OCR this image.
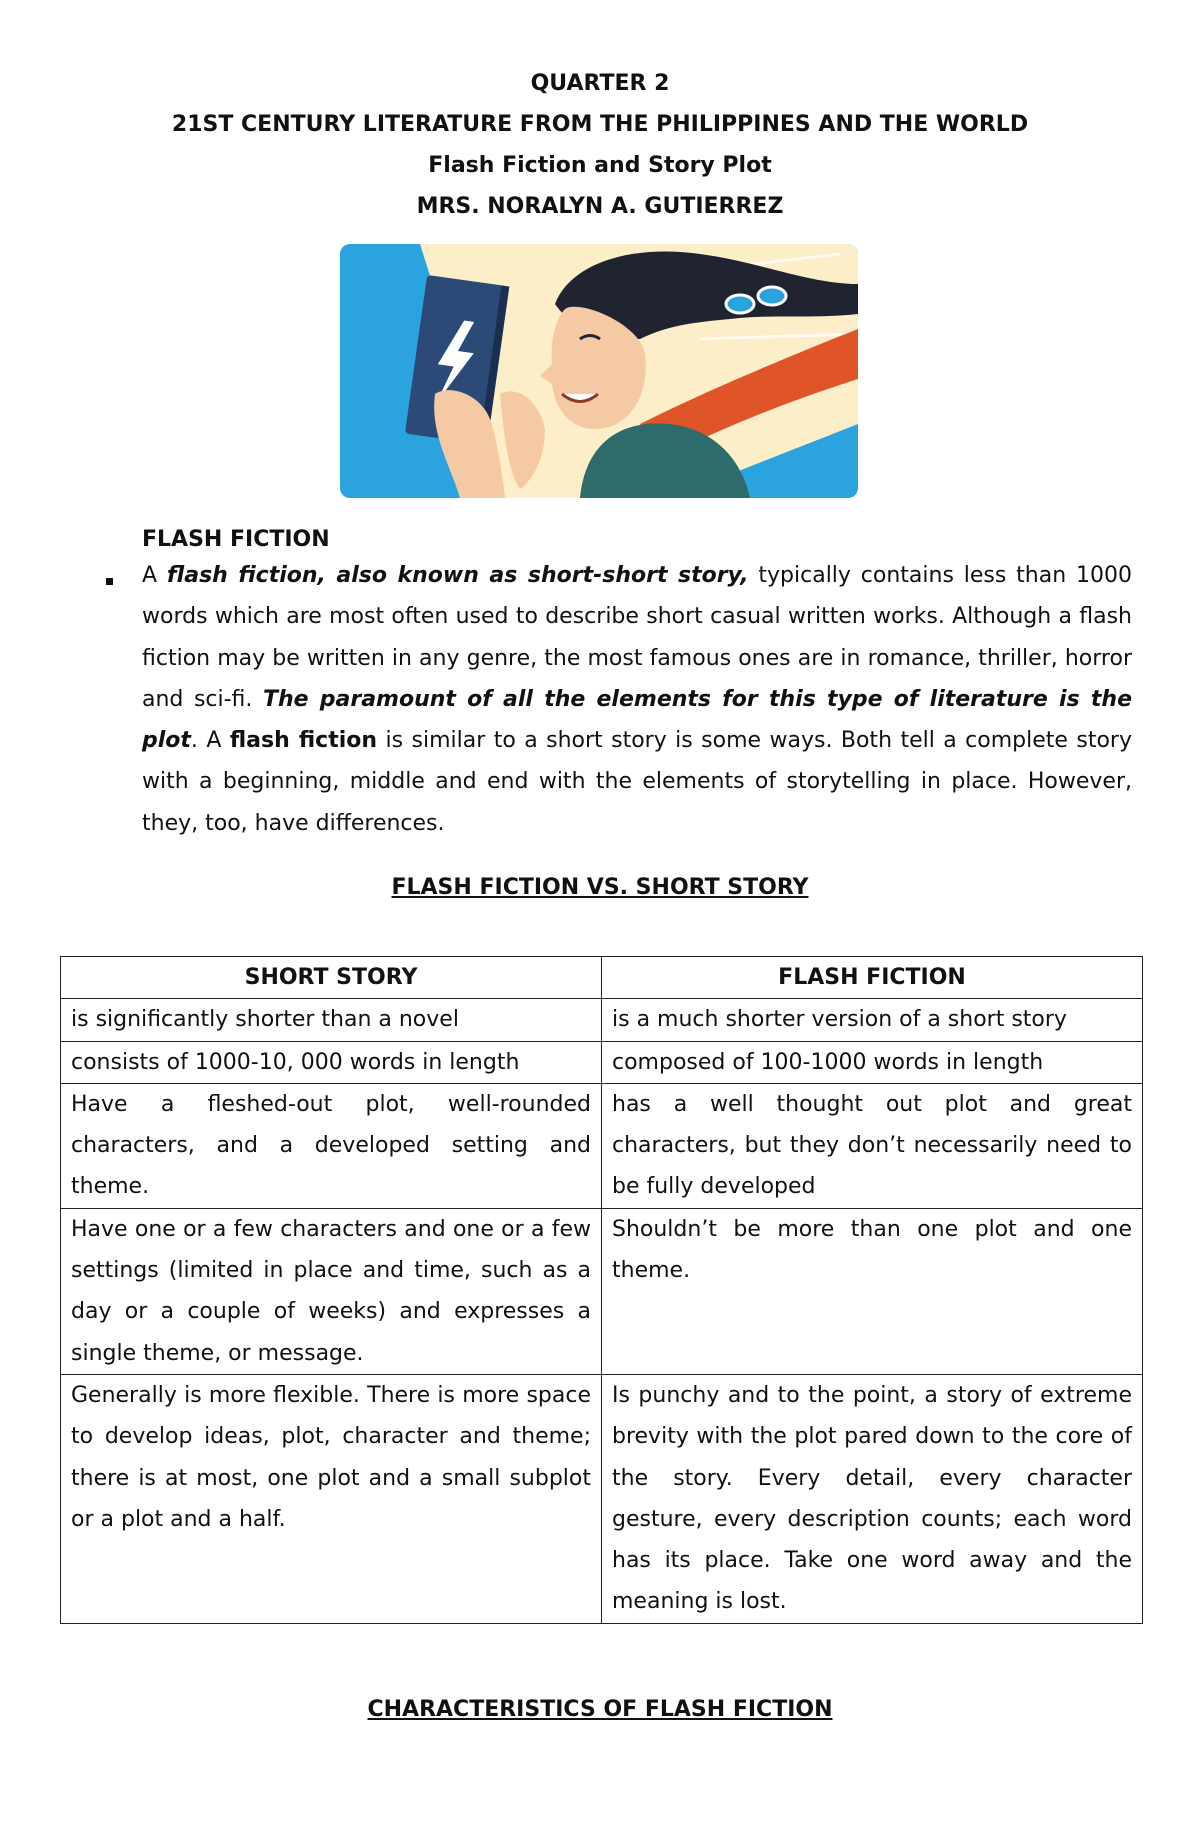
QUARTER 2
21ST CENTURY LITERATURE FROM THE PHILIPPINES AND THE WORLD
Flash Fiction and Story Plot
MRS. NORALYN A. GUTIERREZ
FLASH FICTION
A flash fiction, also known as short-short story, typically contains less than 1000 words which are most often used to describe short casual written works. Although a flash fiction may be written in any genre, the most famous ones are in romance, thriller, horror and sci-fi. The paramount of all the elements for this type of literature is the plot. A flash fiction is similar to a short story is some ways. Both tell a complete story with a beginning, middle and end with the elements of storytelling in place. However, they, too, have differences.
FLASH FICTION VS. SHORT STORY
SHORT STORY	FLASH FICTION
is significantly shorter than a novel	is a much shorter version of a short story
consists of 1000-10, 000 words in length	composed of 100-1000 words in length
Have a fleshed-out plot, well-rounded characters, and a developed setting and theme.	has a well thought out plot and great characters, but they don’t necessarily need to be fully developed
Have one or a few characters and one or a few settings (limited in place and time, such as a day or a couple of weeks) and expresses a single theme, or message.	Shouldn’t be more than one plot and one theme.
Generally is more flexible. There is more space to develop ideas, plot, character and theme; there is at most, one plot and a small subplot or a plot and a half.	Is punchy and to the point, a story of extreme brevity with the plot pared down to the core of the story. Every detail, every character gesture, every description counts; each word has its place. Take one word away and the meaning is lost.
CHARACTERISTICS OF FLASH FICTION
